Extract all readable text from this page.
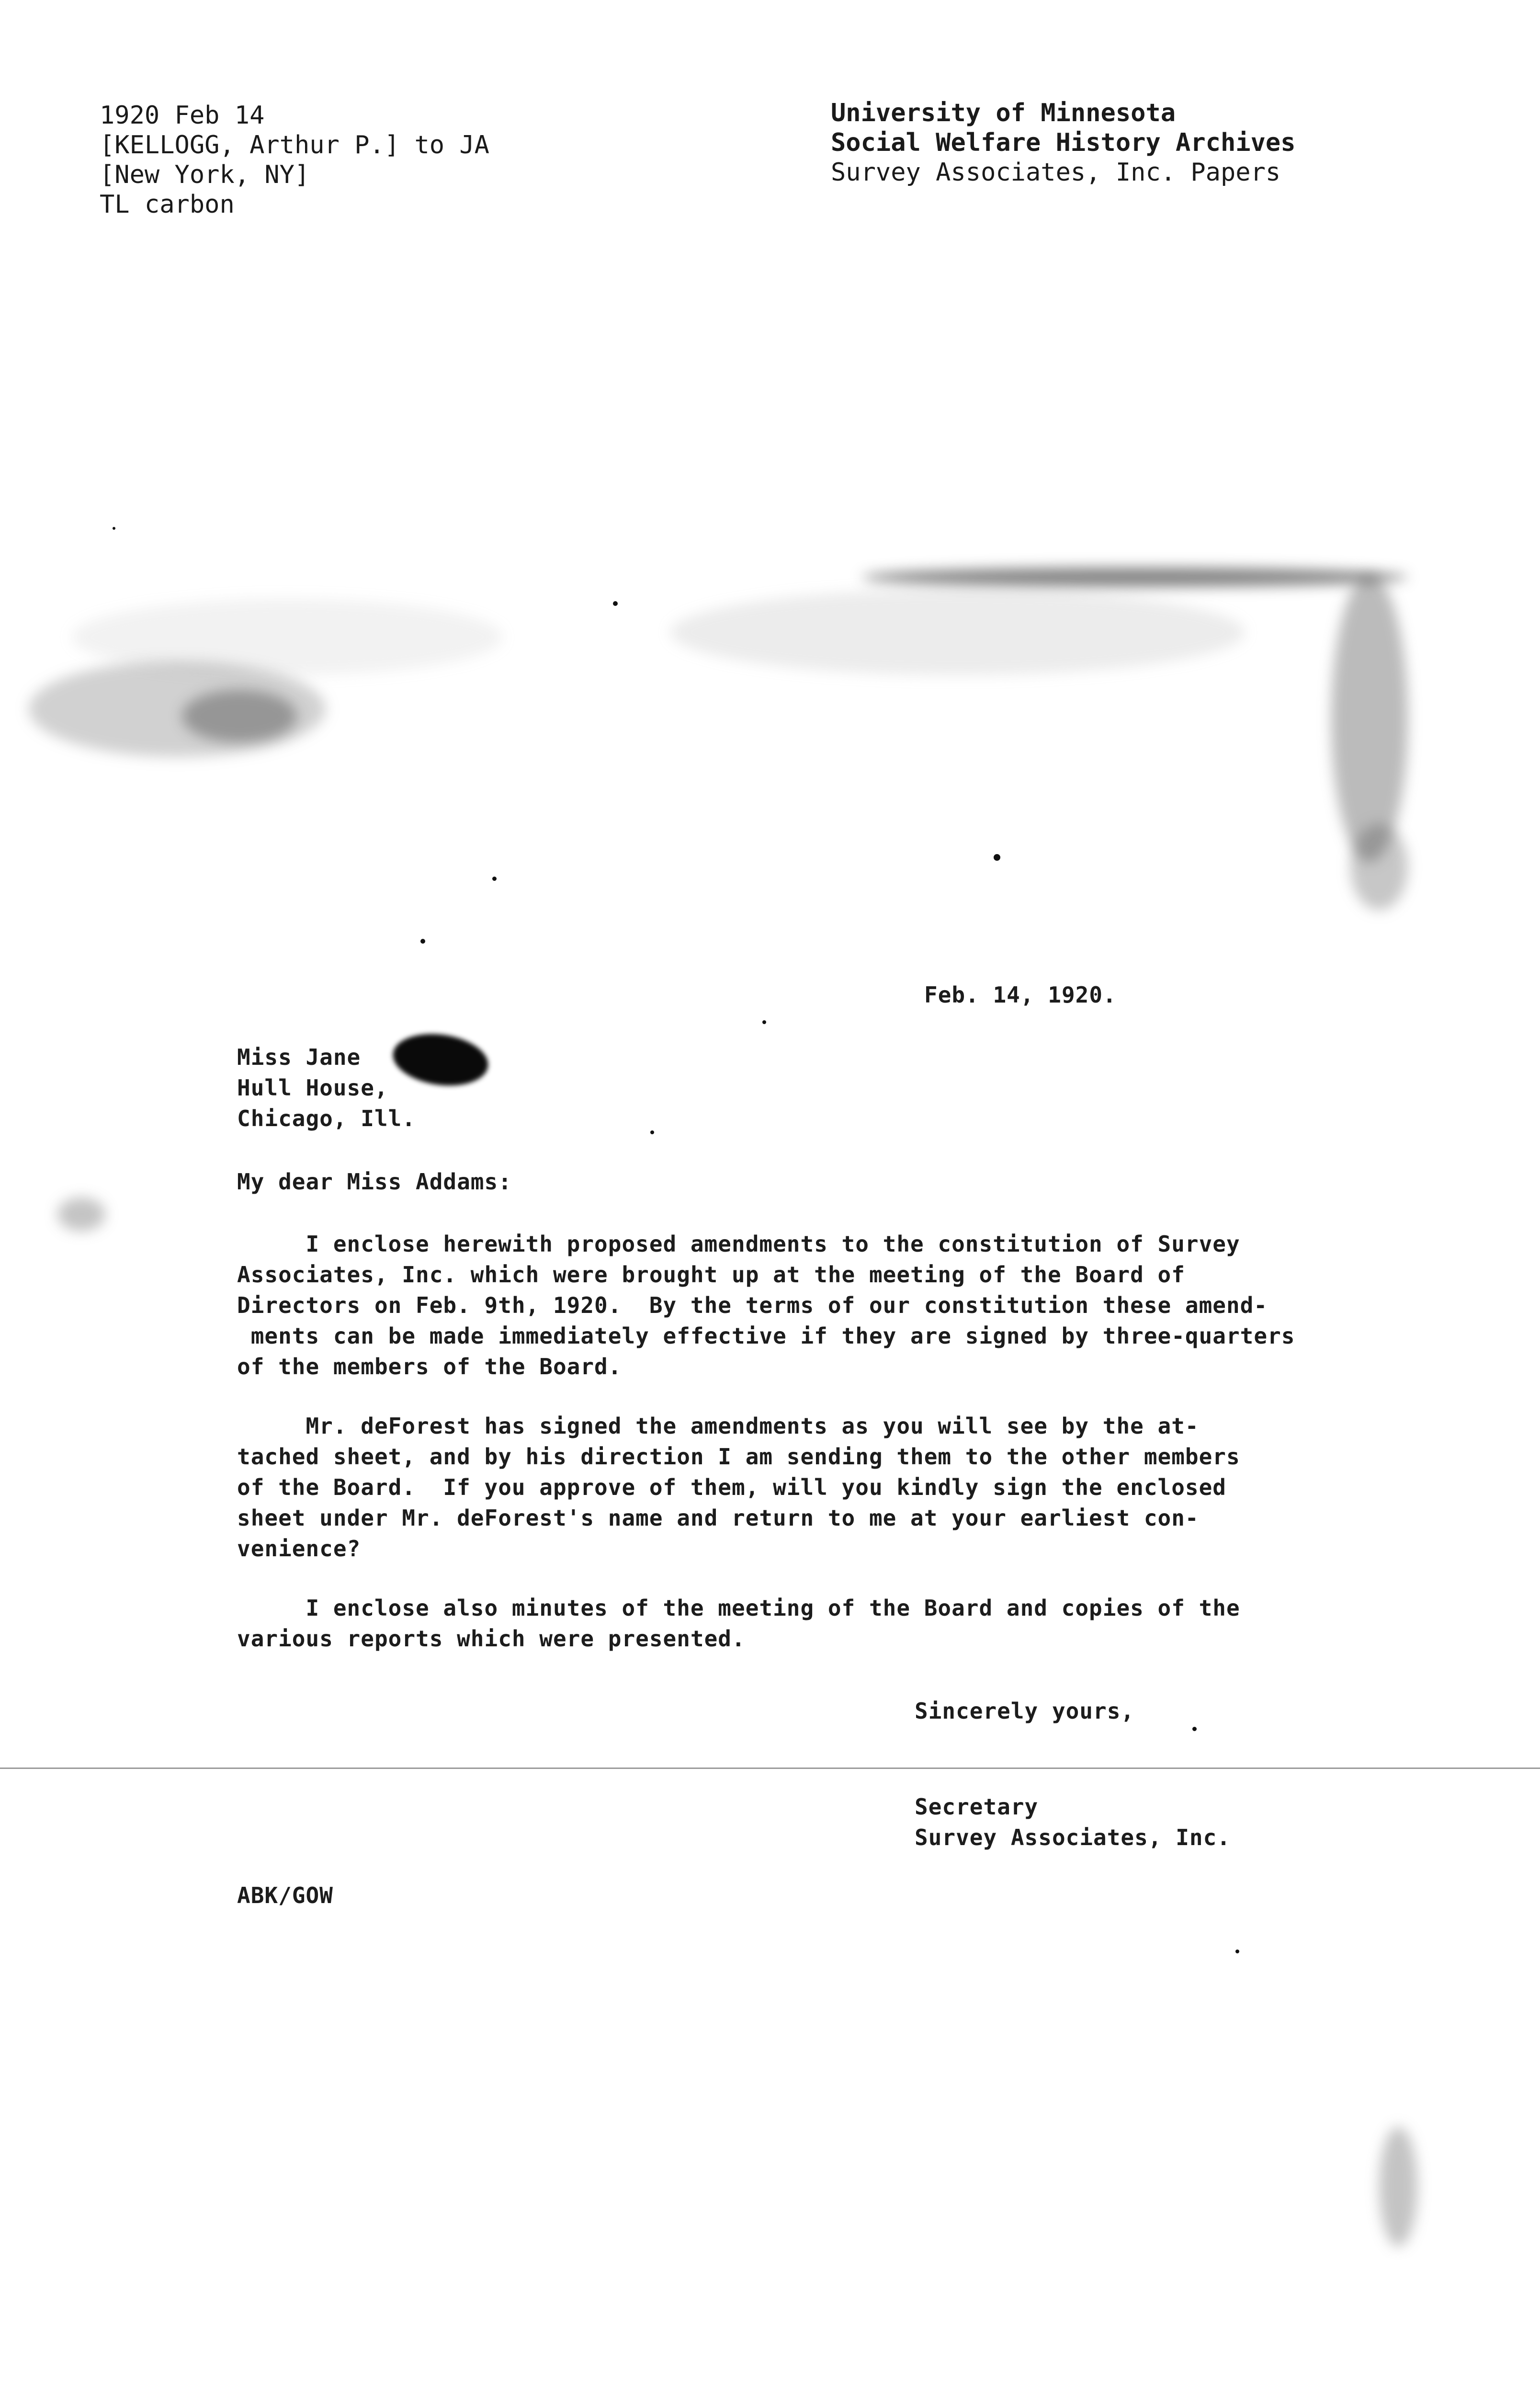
1920 Feb 14
[KELLOGG, Arthur P.] to JA
[New York, NY]
TL carbon
University of Minnesota
Social Welfare History Archives
Survey Associates, Inc. Papers
Feb. 14, 1920.
Miss Jane
Hull House,
Chicago, Ill.
My dear Miss Addams:
I enclose herewith proposed amendments to the constitution of Survey
Associates, Inc. which were brought up at the meeting of the Board of
Directors on Feb. 9th, 1920.  By the terms of our constitution these amend-
ments can be made immediately effective if they are signed by three-quarters
of the members of the Board.
Mr. deForest has signed the amendments as you will see by the at-
tached sheet, and by his direction I am sending them to the other members
of the Board.  If you approve of them, will you kindly sign the enclosed
sheet under Mr. deForest's name and return to me at your earliest con-
venience?
I enclose also minutes of the meeting of the Board and copies of the
various reports which were presented.
Sincerely yours,
Secretary
Survey Associates, Inc.
ABK/GOW
